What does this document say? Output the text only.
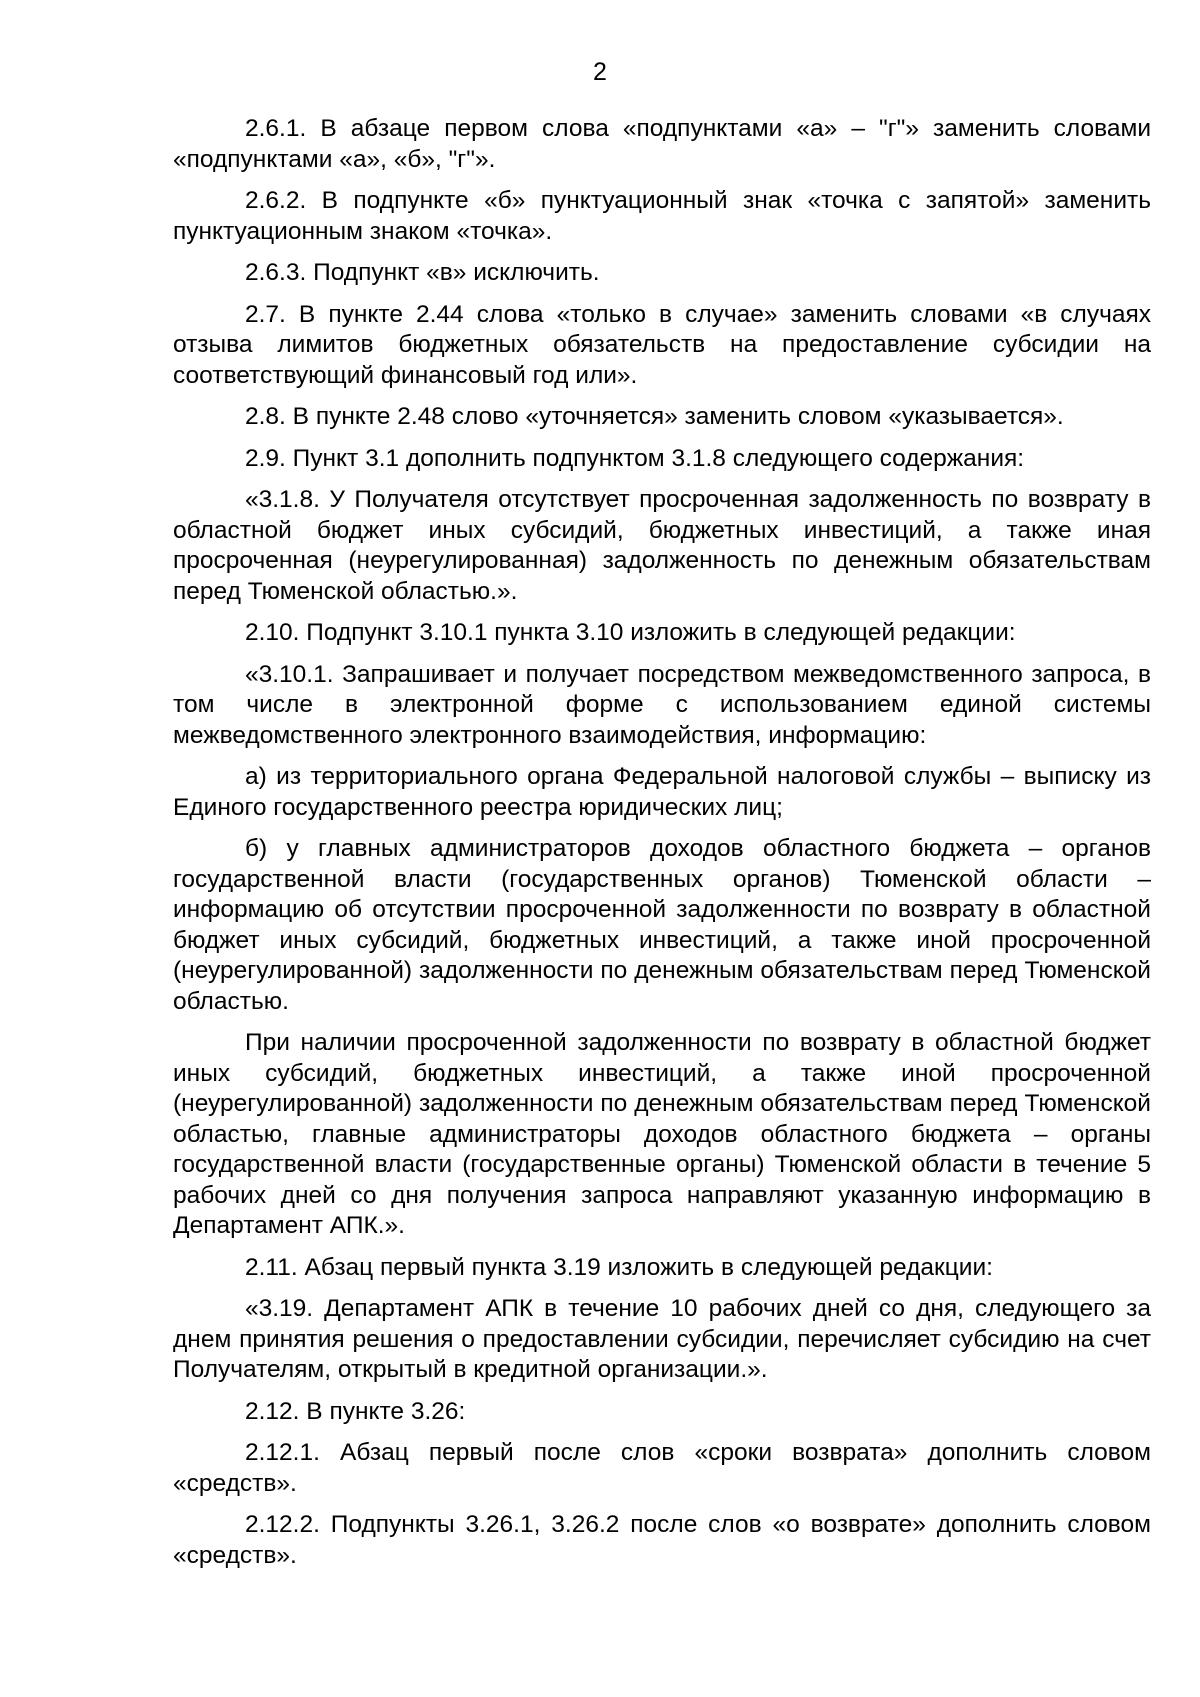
2

2.6.1. В абзаце первом слова «подпунктами «а» – "г"» заменить словами «подпунктами «а», «б», "г"».

2.6.2. В подпункте «б» пунктуационный знак «точка с запятой» заменить пунктуационным знаком «точка».

2.6.3. Подпункт «в» исключить.

2.7. В пункте 2.44 слова «только в случае» заменить словами «в случаях отзыва лимитов бюджетных обязательств на предоставление субсидии на соответствующий финансовый год или».

2.8. В пункте 2.48 слово «уточняется» заменить словом «указывается».

2.9. Пункт 3.1 дополнить подпунктом 3.1.8 следующего содержания:

«3.1.8. У Получателя отсутствует просроченная задолженность по возврату в областной бюджет иных субсидий, бюджетных инвестиций, а также иная просроченная (неурегулированная) задолженность по денежным обязательствам перед Тюменской областью.».

2.10. Подпункт 3.10.1 пункта 3.10 изложить в следующей редакции:

«3.10.1. Запрашивает и получает посредством межведомственного запроса, в том числе в электронной форме с использованием единой системы межведомственного электронного взаимодействия, информацию:

а) из территориального органа Федеральной налоговой службы – выписку из Единого государственного реестра юридических лиц;

б) у главных администраторов доходов областного бюджета – органов государственной власти (государственных органов) Тюменской области – информацию об отсутствии просроченной задолженности по возврату в областной бюджет иных субсидий, бюджетных инвестиций, а также иной просроченной (неурегулированной) задолженности по денежным обязательствам перед Тюменской областью.

При наличии просроченной задолженности по возврату в областной бюджет иных субсидий, бюджетных инвестиций, а также иной просроченной (неурегулированной) задолженности по денежным обязательствам перед Тюменской областью, главные администраторы доходов областного бюджета – органы государственной власти (государственные органы) Тюменской области в течение 5 рабочих дней со дня получения запроса направляют указанную информацию в Департамент АПК.».

2.11. Абзац первый пункта 3.19 изложить в следующей редакции:

«3.19. Департамент АПК в течение 10 рабочих дней со дня, следующего за днем принятия решения о предоставлении субсидии, перечисляет субсидию на счет Получателям, открытый в кредитной организации.».

2.12. В пункте 3.26:

2.12.1. Абзац первый после слов «сроки возврата» дополнить словом «средств».

2.12.2. Подпункты 3.26.1, 3.26.2 после слов «о возврате» дополнить словом «средств».
